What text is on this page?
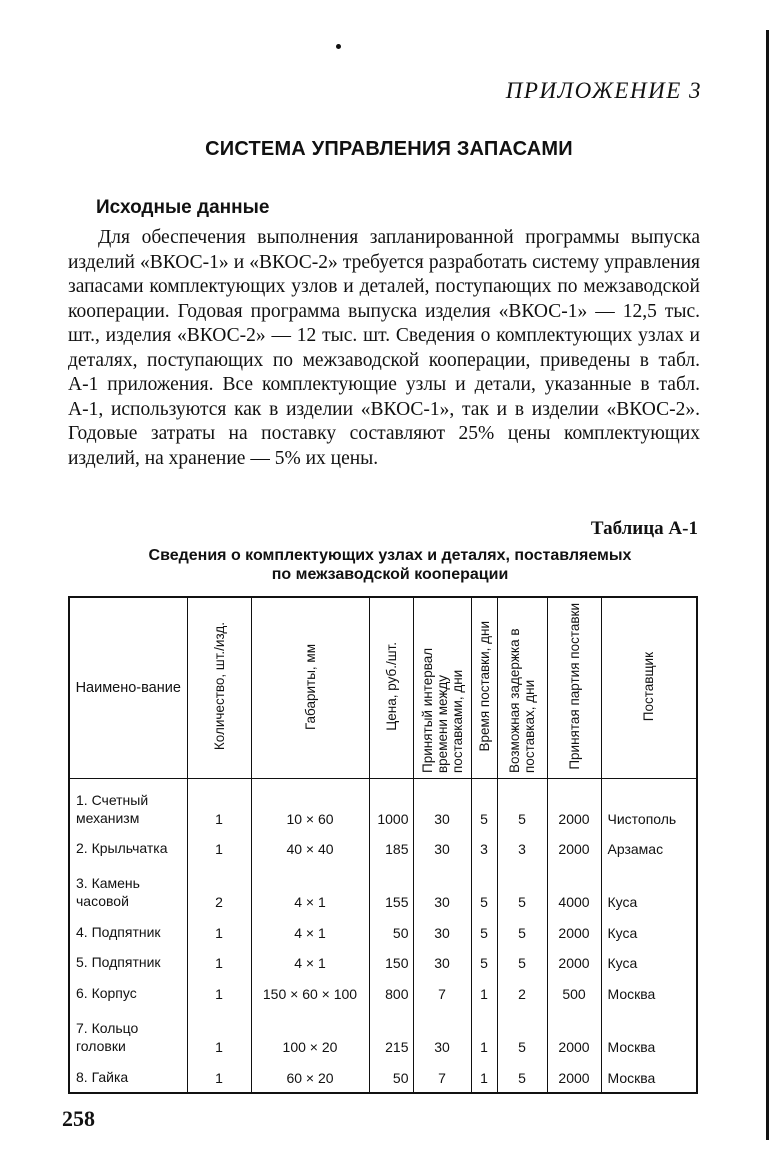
ПРИЛОЖЕНИЕ 3
СИСТЕМА УПРАВЛЕНИЯ ЗАПАСАМИ
Исходные данные
Для обеспечения выполнения запланированной программы выпуска изделий «ВКОС-1» и «ВКОС-2» требуется разработать систему управления запасами комплектующих узлов и деталей, поступающих по межзаводской кооперации. Годовая программа выпуска изделия «ВКОС-1» — 12,5 тыс. шт., изделия «ВКОС-2» — 12 тыс. шт. Сведения о комплектующих узлах и деталях, поступающих по межзаводской кооперации, приведены в табл. А-1 приложения. Все комплектующие узлы и детали, указанные в табл. А-1, используются как в изделии «ВКОС-1», так и в изделии «ВКОС-2». Годовые затраты на поставку составляют 25% цены комплектующих изделий, на хранение — 5% их цены.
Таблица А-1
Сведения о комплектующих узлах и деталях, поставляемых
по межзаводской кооперации
Наимено-вание	Количество, шт./изд.	Габариты, мм	Цена, руб./шт.	Принятый интервал времени между поставками, дни	Время поставки, дни	Возможная задержка в поставках, дни	Принятая партия поставки	Поставщик
1. Счетный механизм	1	10 × 60	1000	30	5	5	2000	Чистополь
2. Крыльчатка	1	40 × 40	185	30	3	3	2000	Арзамас
3. Камень часовой	2	4 × 1	155	30	5	5	4000	Куса
4. Подпятник	1	4 × 1	50	30	5	5	2000	Куса
5. Подпятник	1	4 × 1	150	30	5	5	2000	Куса
6. Корпус	1	150 × 60 × 100	800	7	1	2	500	Москва
7. Кольцо головки	1	100 × 20	215	30	1	5	2000	Москва
8. Гайка	1	60 × 20	50	7	1	5	2000	Москва
258
